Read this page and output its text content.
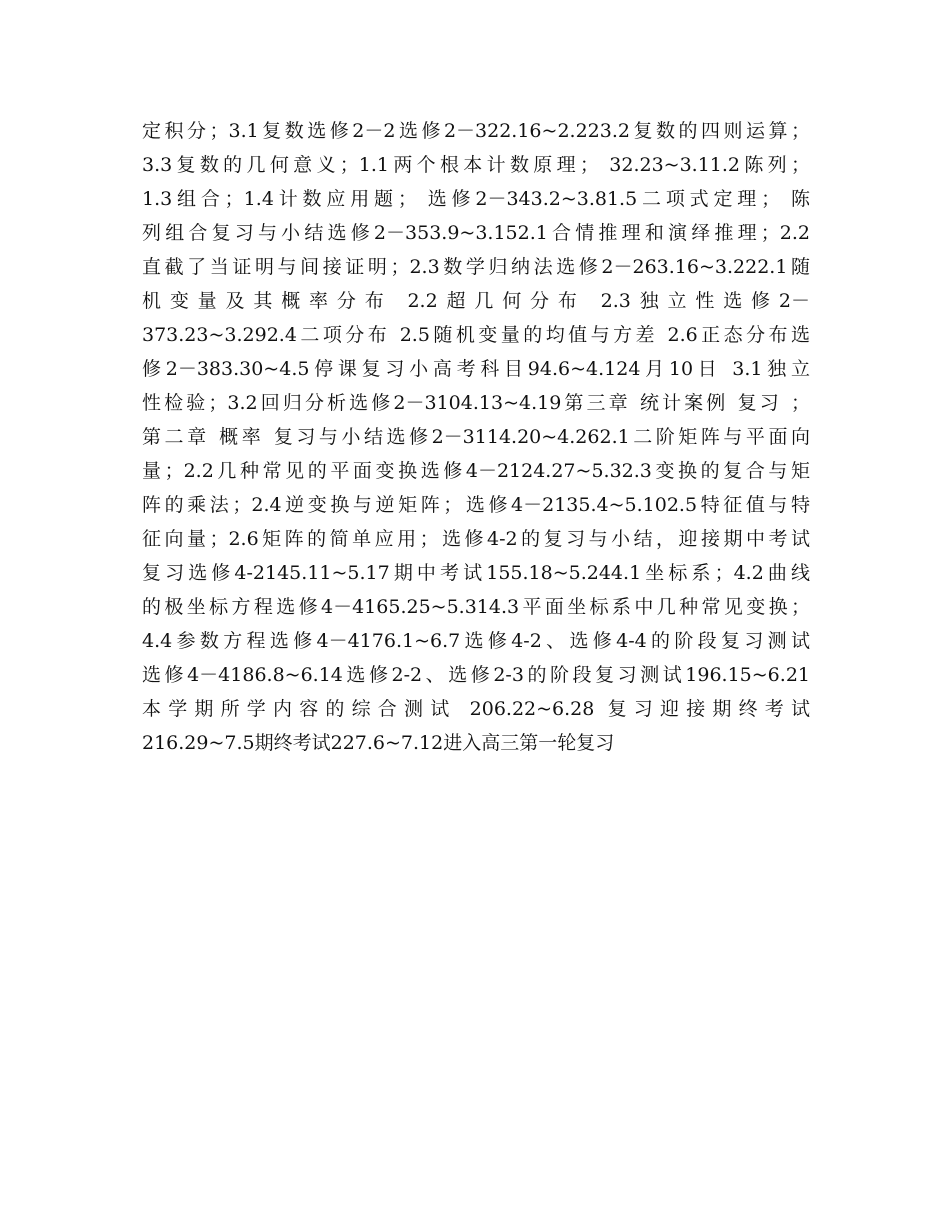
定积分；3.1复数选修2－2选修2－322.16~2.223.2复数的四则运算；
3.3复数的几何意义；1.1两个根本计数原理； 32.23~3.11.2陈列；
1.3组合；1.4计数应用题； 选修2－343.2~3.81.5二项式定理； 陈
列组合复习与小结选修2－353.9~3.152.1合情推理和演绎推理；2.2
直截了当证明与间接证明；2.3数学归纳法选修2－263.16~3.222.1随
机变量及其概率分布 2.2超几何分布 2.3独立性选修2－
373.23~3.292.4二项分布 2.5随机变量的均值与方差 2.6正态分布选
修2－383.30~4.5停课复习小高考科目94.6~4.124月10日 3.1独立
性检验；3.2回归分析选修2－3104.13~4.19第三章 统计案例 复习 ；
第二章 概率 复习与小结选修2－3114.20~4.262.1二阶矩阵与平面向
量；2.2几种常见的平面变换选修4－2124.27~5.32.3变换的复合与矩
阵的乘法；2.4逆变换与逆矩阵；选修4－2135.4~5.102.5特征值与特
征向量；2.6矩阵的简单应用；选修4-2的复习与小结，迎接期中考试
复习选修4-2145.11~5.17期中考试155.18~5.244.1坐标系；4.2曲线
的极坐标方程选修4－4165.25~5.314.3平面坐标系中几种常见变换；
4.4参数方程选修4－4176.1~6.7选修4-2、选修4-4的阶段复习测试
选修4－4186.8~6.14选修2-2、选修2-3的阶段复习测试196.15~6.21
本学期所学内容的综合测试 206.22~6.28 复习迎接期终考试
216.29~7.5期终考试227.6~7.12进入高三第一轮复习
